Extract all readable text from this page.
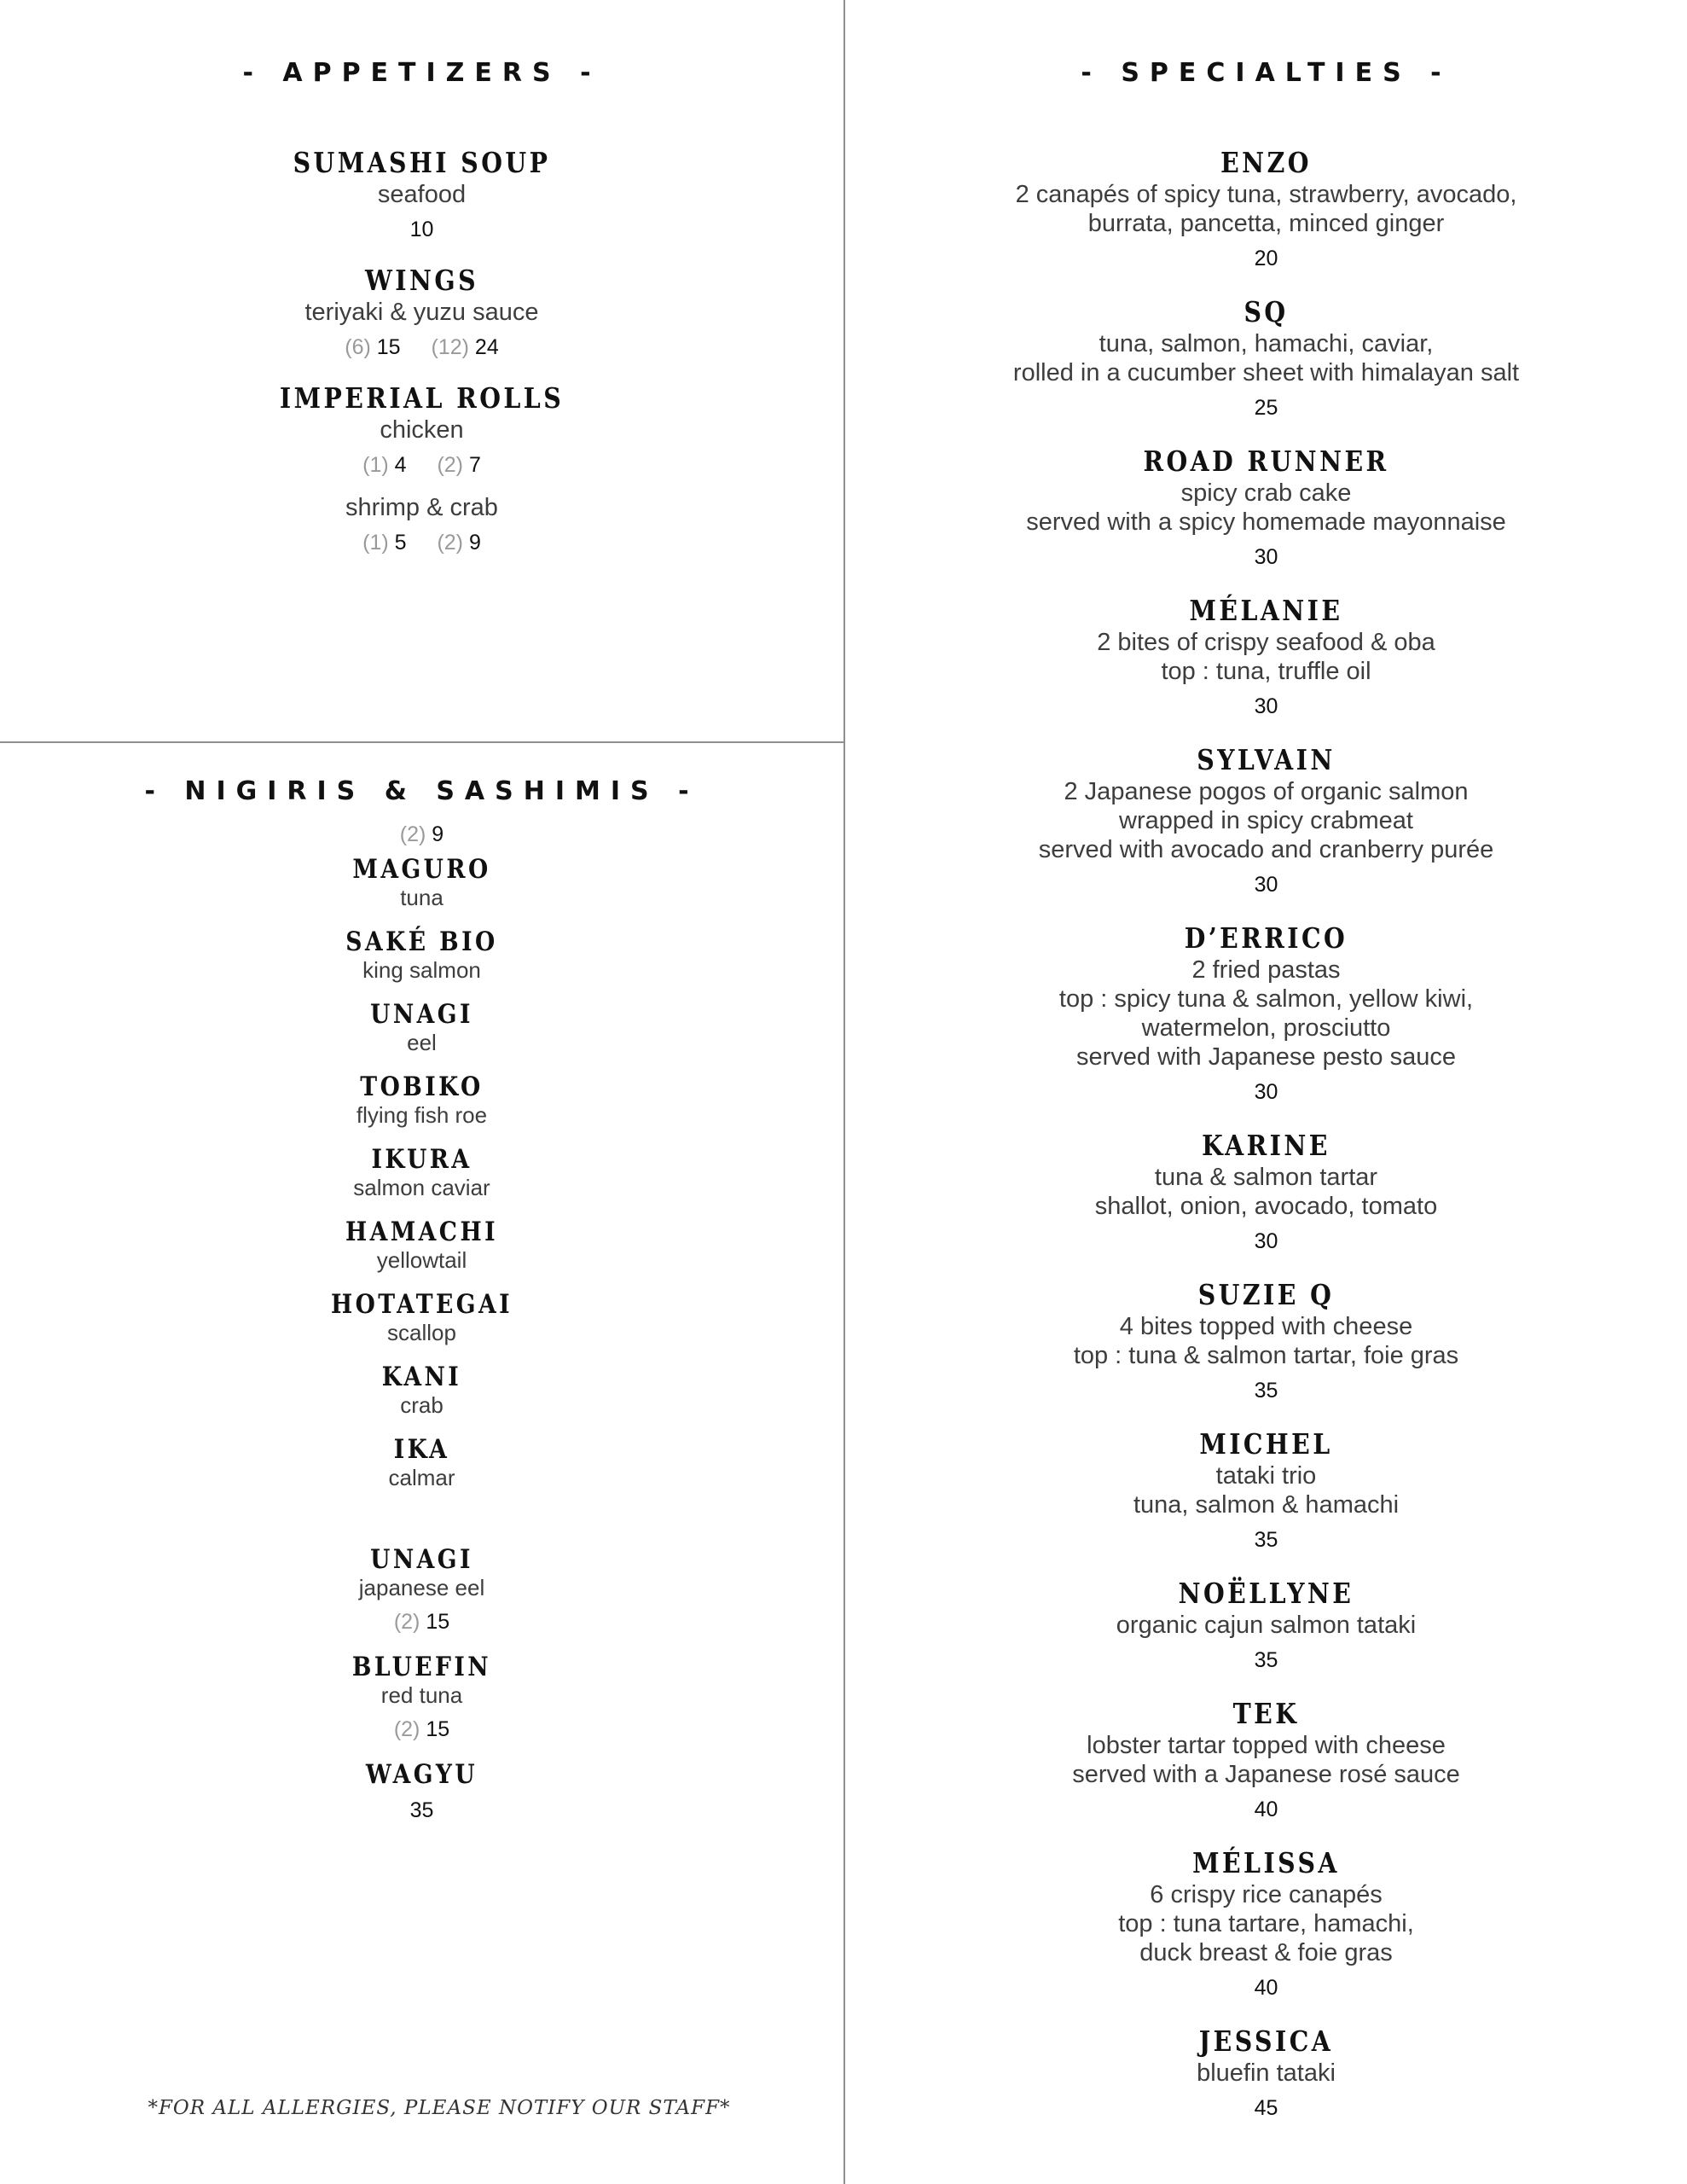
- APPETIZERS -
SUMASHI SOUP
seafood
10
WINGS
teriyaki & yuzu sauce
(6) 15 (12) 24
IMPERIAL ROLLS
chicken
(1) 4 (2) 7
shrimp & crab
(1) 5 (2) 9
- NIGIRIS & SASHIMIS -
(2) 9
MAGURO
tuna
SAKÉ BIO
king salmon
UNAGI
eel
TOBIKO
flying fish roe
IKURA
salmon caviar
HAMACHI
yellowtail
HOTATEGAI
scallop
KANI
crab
IKA
calmar
UNAGI
japanese eel
(2) 15
BLUEFIN
red tuna
(2) 15
WAGYU
35
- SPECIALTIES -
ENZO
2 canapés of spicy tuna, strawberry, avocado,
burrata, pancetta, minced ginger
20
SQ
tuna, salmon, hamachi, caviar,
rolled in a cucumber sheet with himalayan salt
25
ROAD RUNNER
spicy crab cake
served with a spicy homemade mayonnaise
30
MÉLANIE
2 bites of crispy seafood & oba
top : tuna, truffle oil
30
SYLVAIN
2 Japanese pogos of organic salmon
wrapped in spicy crabmeat
served with avocado and cranberry purée
30
D’ERRICO
2 fried pastas
top : spicy tuna & salmon, yellow kiwi,
watermelon, prosciutto
served with Japanese pesto sauce
30
KARINE
tuna & salmon tartar
shallot, onion, avocado, tomato
30
SUZIE Q
4 bites topped with cheese
top : tuna & salmon tartar, foie gras
35
MICHEL
tataki trio
tuna, salmon & hamachi
35
NOËLLYNE
organic cajun salmon tataki
35
TEK
lobster tartar topped with cheese
served with a Japanese rosé sauce
40
MÉLISSA
6 crispy rice canapés
top : tuna tartare, hamachi,
duck breast & foie gras
40
JESSICA
bluefin tataki
45
*FOR ALL ALLERGIES, PLEASE NOTIFY OUR STAFF*
